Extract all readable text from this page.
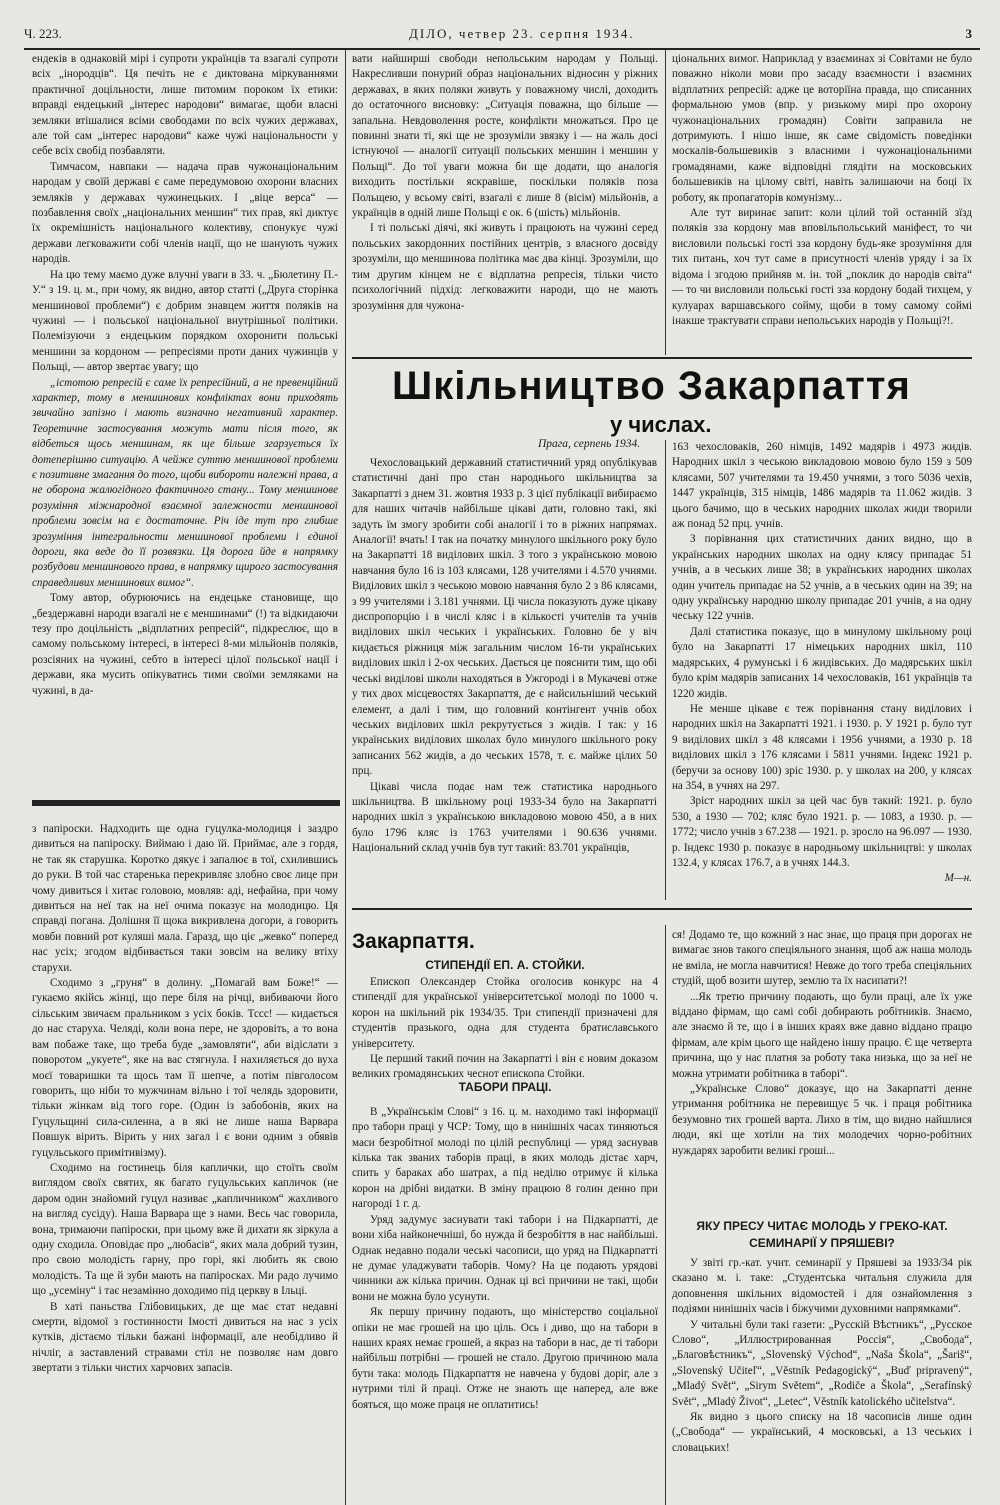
Ч. 223.	ДІЛО, четвер 23. серпня 1934.	3

ендеків в однаковій мірі і супроти українців та взагалі супроти всіх „інородців“. Ця печіть не є диктована міркуваннями практичної доцільности, лише питомим пороком їх етики: вправді ендецький „інтерес народови“ вимагає, щоби власні земляки втішалися всіми свободами по всіх чужих державах, але той сам „інтерес народови“ каже чужі національности у себе всіх свобід позбавляти.

Тимчасом, навпаки — надача прав чужонаціональним народам у своїй державі є саме передумовою охорони власних земляків у державах чужинецьких. І „віце верса“ — позбавлення своїх „національних меншин“ тих прав, які диктує їх окремішність національного колективу, спонукує чужі держави легковажити собі членів нації, що не шанують чужих народів.

На цю тему маємо дуже влучні уваги в 33. ч. „Бюлетину П.-У.“ з 19. ц. м., при чому, як видно, автор статті („Друга сторінка меншинової проблеми“) є добрим знавцем життя поляків на чужині — і польської національної внутрішньої політики. Полемізуючи з ендецьким порядком охоронити польські меншини за кордоном — репресіями проти даних чужинців у Польщі, — автор звертає увагу; що

„істотою репресій є саме їх репресійний, а не превенційний характер, тому в меншинових конфліктах вони приходять звичайно запізно і мають визначно негативний характер. Теоретичне застосування можуть мати після того, як відбеться щось меншинам, як ще більше згарзується їх дотеперішню ситуацію. А чейже суттю меншинової проблеми є позитивне змагання до того, щоби вибороти належні права, а не оборона жалюгідного фактичного стану... Тому меншинове розуміння міжнародної взаємної залежности меншинової проблеми зовсім на є достаточне. Річ іде тут про глибше зрозуміння інтегральности меншинової проблеми і єдиної дороги, яка веде до її розвязки. Ця дорога йде в напрямку розбудови меншинового права, в напрямку щирого застосування справедливих меншинових вимог“.

Тому автор, обурюючись на ендецьке становище, що „бездержавні народи взагалі не є меншинами“ (!) та відкидаючи тезу про доцільність „відплатних репресій“, підкреслює, що в самому польському інтересі, в інтересі 8-ми мільйонів поляків, розсіяних на чужині, себто в інтересі цілої польської нації і держави, яка мусить опікуватись тими своїми земляками на чужині, в да-

вати найширші свободи непольським народам у Польщі. Накресливши понурий образ національних відносин у ріжних державах, в яких поляки живуть у поважному числі, доходить до остаточного висновку: „Ситуація поважна, що більше — запальна. Невдоволення росте, конфлікти множаться. Про це повинні знати ті, які ще не зрозуміли звязку і — на жаль досі істнуючої — аналогії ситуації польських меншин і меншин у Польщі“. До тої уваги можна би ще додати, що аналогія виходить постільки яскравіше, поскільки поляків поза Польщею, у всьому світі, взагалі є лише 8 (вісім) мільйонів, а українців в одній лише Польщі є ок. 6 (шість) мільйонів.

І ті польські діячі, які живуть і працюють на чужині серед польських закордонних постійних центрів, з власного досвіду зрозуміли, що меншинова політика має два кінці. Зрозуміли, що тим другим кінцем не є відплатна репресія, тільки чисто психологічний підхід: легковажити народи, що не мають зрозуміння для чужона-

ціональних вимог. Наприклад у взаєминах зі Совітами не було поважно ніколи мови про засаду взаємности і взаємних відплатних репресій: адже це воторіїна правда, що списанних формальною умов (впр. у ризькому мирі про охорону чужонаціональних громадян) Совіти заправила не дотримують. І нішо інше, як саме свідомість поведінки москалів-большевиків з власними і чужонаціональними громадянами, каже відповідні глядіти на московських большевиків на цілому світі, навіть залишаючи на боці їх роботу, як пропагаторів комунізму...

Але тут виринає запит: коли цілий той останній зїзд поляків зза кордону мав вповільпольський маніфест, то чи висловили польські гості зза кордону будь-яке зрозуміння для тих питань, хоч тут саме в присутності членів уряду і за їх відома і згодою прийняв м. ін. той „поклик до народів світа“ — то чи висловили польські гості зза кордону бодай тихцем, у кулуарах варшавського сойму, щоби в тому самому соймі інакше трактувати справи непольських народів у Польщі?!.

Шкільництво Закарпаття
у числах.
Прага, серпень 1934.

Чехословацький державний статистичний уряд опублікував статистичні дані про стан народнього шкільництва за Закарпатті з днем 31. жовтня 1933 р. З цієї публікації вибираємо для наших читачів найбільше цікаві дати, головно такі, які задуть їм змогу зробити собі аналогії і то в ріжних напрямах. Аналогії! вчать! І так на початку минулого шкільного року було на Закарпатті 18 виділових шкіл. З того з українською мовою навчання було 16 із 103 клясами, 128 учителями і 4.570 учнями. Виділових шкіл з чеською мовою навчання було 2 з 86 клясами, з 99 учителями і 3.181 учнями. Ці числа показують дуже цікаву диспропорцію і в числі кляс і в кількості учителів та учнів виділових шкіл чеських і українських. Головно бе у віч кидається ріжниця між загальним числом 16-ти українських виділових шкіл і 2-ох чеських. Дається це пояснити тим, що обі чеські виділові школи находяться в Ужгороді і в Мукачеві отже у тих двох місцевостях Закарпаття, де є найсильніший чеський елемент, а далі і тим, що головний контінгент учнів обох чеських виділових шкіл рекрутується з жидів. І так: у 16 українських виділових школах було минулого шкільного року записаних 562 жидів, а до чеських 1578, т. є. майже цілих 50 прц.

Цікаві числа подає нам теж статистика народнього шкільництва. В шкільному році 1933-34 було на Закарпатті народних шкіл з українською викладовою мовою 450, а в них було 1796 кляс із 1763 учителями і 90.636 учнями. Національний склад учнів був тут такий: 83.701 українців,

163 чехословаків, 260 німців, 1492 мадярів і 4973 жидів. Народних шкіл з чеською викладовою мовою було 159 з 509 клясами, 507 учителями та 19.450 учнями, з того 5036 чехів, 1447 українців, 315 німців, 1486 мадярів та 11.062 жидів. З цього бачимо, що в чеських народних школах жиди творили аж понад 52 прц. учнів.

З порівнання цих статистичних даних видно, що в українських народних школах на одну клясу припадає 51 учнів, а в чеських лише 38; в українських народних школах один учитель припадає на 52 учнів, а в чеських один на 39; на одну українську народню школу припадає 201 учнів, а на одну чеську 122 учнів.

Далі статистика показує, що в минулому шкільному році було на Закарпатті 17 німецьких народних шкіл, 110 мадярських, 4 румунські і 6 жидівських. До мадярських шкіл було крім мадярів записаних 14 чехословаків, 161 українців та 1220 жидів.

Не менше цікаве є теж порівнання стану виділових і народних шкіл на Закарпатті 1921. і 1930. р. У 1921 р. було тут 9 виділових шкіл з 48 клясами і 1956 учнями, а 1930 р. 18 виділових шкіл з 176 клясами і 5811 учнями. Індекс 1921 р. (беручи за основу 100) зріс 1930. р. у школах на 200, у клясах на 354, в учнях на 297.

Зріст народних шкіл за цей час був такий: 1921. р. було 530, а 1930 — 702; кляс було 1921. р. — 1083, а 1930. р. — 1772; число учнів з 67.238 — 1921. р. зросло на 96.097 — 1930. р. Індекс 1930 р. показує в народньому шкільництві: у школах 132.4, у клясах 176.7, а в учнях 144.3.

М—н.

з папіроски. Надходить ще одна гуцулка-молодиця і заздро дивиться на папіроску. Виймаю і даю їй. Приймає, але з гордя, не так як старушка. Коротко дякує і запалює в тої, схилившись до руки. В той час старенька перекривляє злобно своє лице при чому дивиться і хитає головою, мовляв: аді, нефайна, при чому дивиться на неї так на неї очима показує на молодицю. Ця справді погана. Долішня її щока викривлена догори, а говорить мовби повний рот куляші мала. Гаразд, що ціє „жевко“ поперед нас усіх; згодом відбивається таки зовсім на велику втіху старухи.

Сходимо з „груня“ в долину. „Помагай вам Боже!“ — гукаємо якійсь жінці, що пере біля на річці, вибиваючи його сільським звичаєм пральником з усіх боків. Тссс! — кидається до нас старуха. Челяді, коли вона пере, не здоровіть, а то вона вам побаже таке, що треба буде „замовляти“, аби відіслати з поворотом „укуете“, яке на вас стягнула. І нахиляється до вуха моєї товаришки та щось там її шепче, а потім півголосом говорить, що ніби то мужчинам вільно і тої челядь здоровити, тільки жінкам від того горе. (Один із забобонів, яких на Гуцульщині сила-силенна, а в які не лише наша Варвара Повшук вірить. Вірить у них загал і є вони одним з обявів гуцульського примітивізму).

Сходимо на гостинець біля каплички, що стоїть своїм виглядом своїх святих, як багато гуцульських капличок (не даром один знайомий гуцул називає „капличником“ жахливого на вигляд сусіду). Наша Варвара ще з нами. Весь час говорила, вона, тримаючи папіроски, при цьому вже й дихати як зіркула а одну сходила. Оповідає про „любасів“, яких мала добрий тузин, про свою молодість гарну, про горі, які любить як свою молодість. Та ще й зуби мають на папіросках. Ми радо лучимо що „усеміну“ і тає незамінно доходимо під церкву в Ільці.

В хаті паньства Глібовицьких, де ще має стат недавні смерти, відомої з гостинности Імості дивиться на нас з усіх кутків, дістаємо тільки бажані інформації, але необідливо й нічліг, а заставлений стравами стіл не позволяє нам довго звертати з тільки чистих харчових запасів.

Закарпаття.
СТИПЕНДІЇ ЕП. А. СТОЙКИ.

Епископ Олександер Стойка оголосив конкурс на 4 стипендії для української університетської молоді по 1000 ч. корон на шкільний рік 1934/35. Три стипендії призначені для студентів празького, одна для студента братиславського університету.

Це перший такий почин на Закарпатті і він є новим доказом великих громадянських чеснот епископа Стойки.

В „Українськім Слові“ з 16. ц. м. находимо такі інформації про табори праці у ЧСР: Тому, що в нинішніх часах тиняються маси безробітної молоді по цілій республиці — уряд заснував кілька так званих таборів праці, в яких молодь дістає харч, спить у бараках або шатрах, а під неділю отримує й кілька корон на дрібні видатки. В зміну працюю 8 голин денно при нагороді 1 г. д.

Уряд задумує заснувати такі табори і на Підкарпатті, де вони хіба найконечніші, бо нужда й безробіття в нас найбільші. Однак недавно подали чеські часописи, що уряд на Підкарпатті не думає уладжувати таборів. Чому? На це подають урядові чинники аж кілька причин. Однак ці всі причини не такі, щоби вони не можна було усунути.

Як першу причину подають, що міністерство соціальної опіки не має грошей на цю ціль. Ось і диво, що на табори в наших краях немає грошей, а якраз на табори в нас, де ті табори найбільш потрібні — грошей не стало. Другою причиною мала бути така: молодь Підкарпаття не навчена у будові доріг, але з нутрими тілі й праці. Отже не знають ще наперед, але вже бояться, що може праця не оплатитись!

ТАБОРИ ПРАЦІ.

ся! Додамо те, що кожний з нас знає, що праця при дорогах не вимагає знов такого спеціяльного знання, щоб аж наша молодь не вміла, не могла навчитися! Невже до того треба спеціяльних студій, щоб возити шутер, землю та їх насипати?!

...Як третю причину подають, що були праці, але їх уже віддано фірмам, що самі собі добирають робітників. Знаємо, але знаємо й те, що і в інших краях вже давно віддано працю фірмам, але крім цього ще найдено іншу працю. Є ще четверта причина, що у нас платня за роботу така низька, що за неї не можна утримати робітника в таборі“.

„Українське Слово“ доказує, що на Закарпатті денне утримання робітника не перевищує 5 чк. і праця робітника безумовно тих грошей варта. Лихо в тім, що видно найшлися люди, які ще хотіли на тих молодечих чорно-робітних нуждарях заробити великі гроші...

ЯКУ ПРЕСУ ЧИТАЄ МОЛОДЬ У ГРЕКО-КАТ. СЕМИНАРІЇ У ПРЯШЕВІ?

У звіті гр.-кат. учит. семинарії у Пряшеві за 1933/34 рік сказано м. і. таке: „Студентська читальня служила для доповнення шкільних відомостей і для ознайомлення з подіями нинішніх часів і біжучими духовними напрямками“.

У читальні були такі газети: „Русскій Вѣстникъ“, „Русское Слово“, „Иллюстрированная Россія“, „Свобода“, „Благовѣстникъ“, „Slovenský Východ“, „Naša Škola“, „Šariš“, „Slovenský Učiteľ“, „Věstník Pedagogický“, „Buď pripravený“, „Mladý Svět“, „Sirym Světem“, „Rodiče a Škola“, „Serafínský Svět“, „Mladý Život“, „Letec“, Věstník katolického učitelstva“.

Як видно з цього списку на 18 часописів лише один („Свобода“ — український, 4 московські, а 13 чеських і словацьких!
